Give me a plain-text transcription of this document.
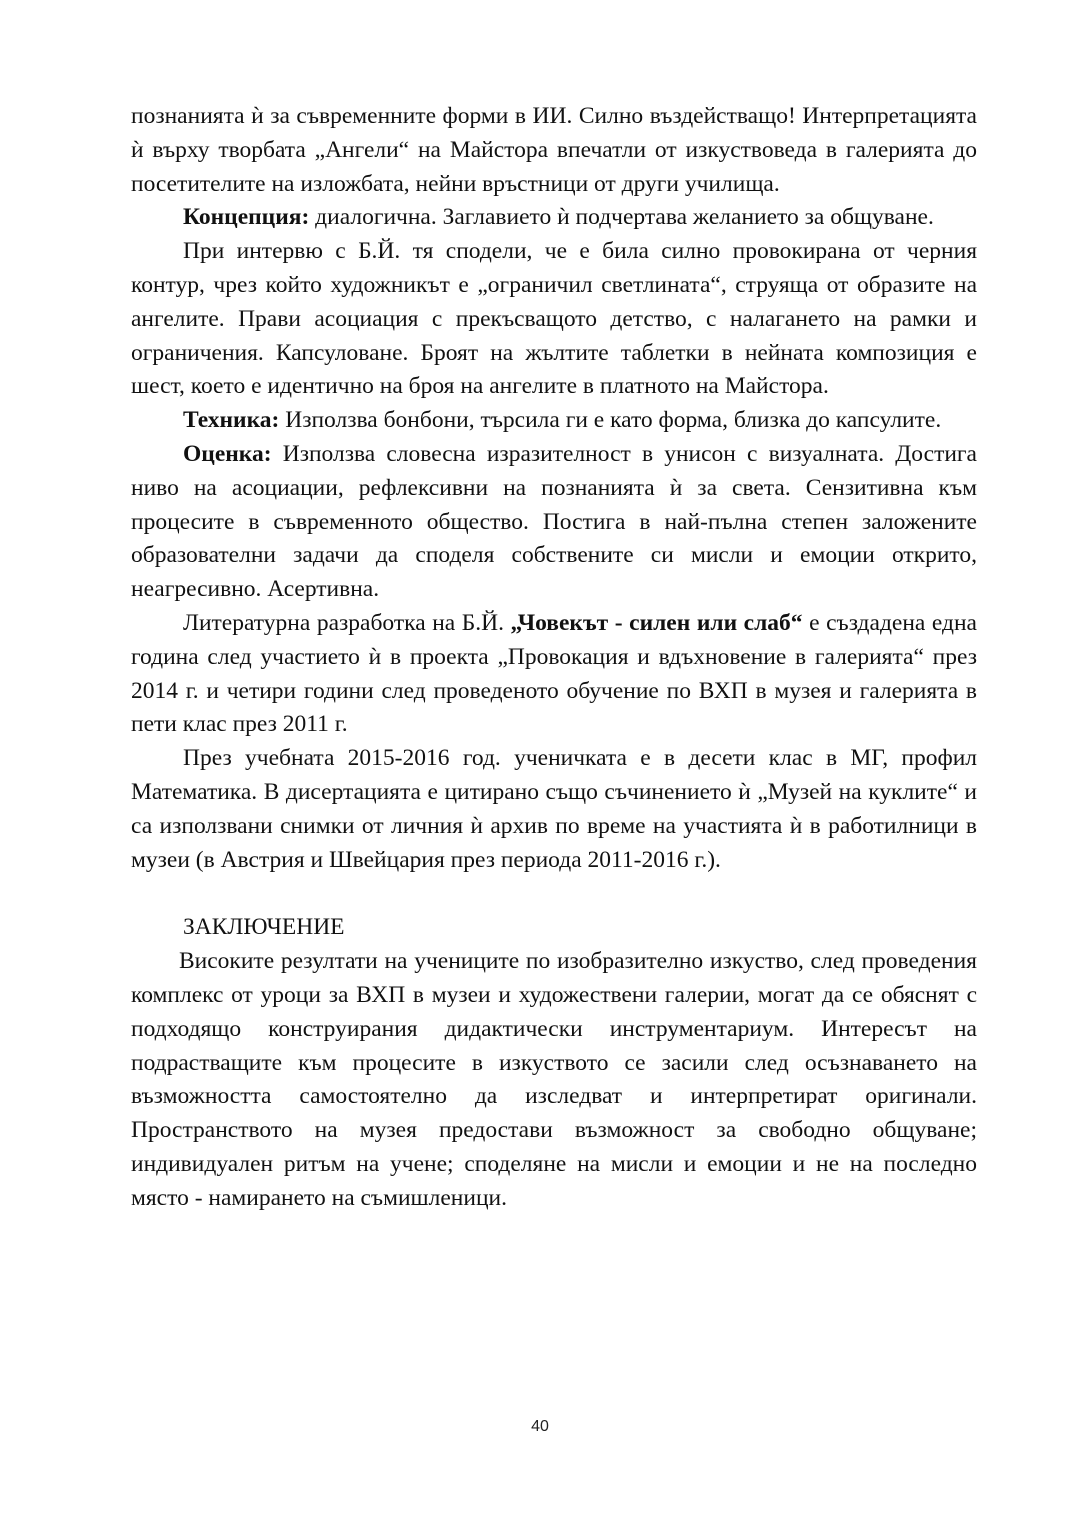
познанията ѝ за съвременните форми в ИИ. Силно въздействащо! Интерпретацията ѝ върху творбата „Ангели“ на Майстора впечатли от изкуствоведа в галерията до посетителите на изложбата, нейни връстници от други училища.

Концепция: диалогична. Заглавието ѝ подчертава желанието за общуване.

При интервю с Б.Й. тя сподели, че е била силно провокирана от черния контур, чрез който художникът е „ограничил светлината“, струяща от образите на ангелите. Прави асоциация с прекъсващото детство, с налагането на рамки и ограничения. Капсуловане. Броят на жълтите таблетки в нейната композиция е шест, което е идентично на броя на ангелите в платното на Майстора.

Техника: Използва бонбони, търсила ги е като форма, близка до капсулите.

Оценка: Използва словесна изразителност в унисон с визуалната. Достига ниво на асоциации, рефлексивни на познанията ѝ за света. Сензитивна към процесите в съвременното общество. Постига в най-пълна степен заложените образователни задачи да споделя собствените си мисли и емоции открито, неагресивно. Асертивна.

Литературна разработка на Б.Й. „Човекът - силен или слаб“ е създадена една година след участието ѝ в проекта „Провокация и вдъхновение в галерията“ през 2014 г. и четири години след проведеното обучение по ВХП в музея и галерията в пети клас през 2011 г.

През учебната 2015-2016 год. ученичката е в десети клас в МГ, профил Математика. В дисертацията е цитирано също съчинението ѝ „Музей на куклите“ и са използвани снимки от личния ѝ архив по време на участията ѝ в работилници в музеи (в Австрия и Швейцария през периода 2011-2016 г.).

ЗАКЛЮЧЕНИЕ

Високите резултати на учениците по изобразително изкуство, след проведения комплекс от уроци за ВХП в музеи и художествени галерии, могат да се обяснят с подходящо конструирания дидактически инструментариум. Интересът на подрастващите към процесите в изкуството се засили след осъзнаването на възможността самостоятелно да изследват и интерпретират оригинали. Пространството на музея предостави възможност за свободно общуване; индивидуален ритъм на учене; споделяне на мисли и емоции и не на последно място - намирането на съмишленици.

40
